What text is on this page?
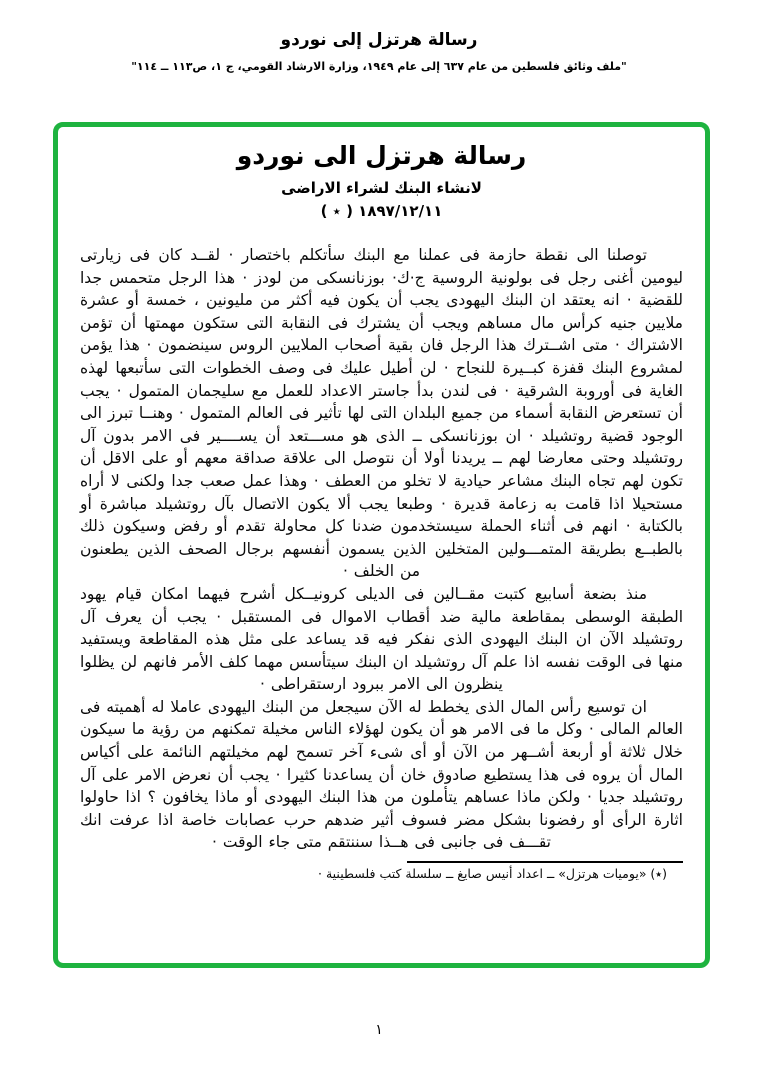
رسالة هرتزل إلى نوردو
"ملف وثائق فلسطين من عام ٦٣٧ إلى عام ١٩٤٩، وزارة الارشاد القومي، ج ١، ص١١٣ ــ ١١٤"
رسالة هرتزل الى نوردو
لانشاء البنك لشراء الاراضى
١٨٩٧/١٢/١١ ( ٭ )

توصلنا الى نقطة حازمة فى عملنا مع البنك سأتكلم باختصار · لقــد كان فى زيارتى ليومين أغنى رجل فى بولونية الروسية ج·ك· بوزنانسكى من لودز · هذا الرجل متحمس جدا للقضية · انه يعتقد ان البنك اليهودى يجب أن يكون فيه أكثر من مليونين ، خمسة أو عشرة ملايين جنيه كرأس مال مساهم ويجب أن يشترك فى النقابة التى ستكون مهمتها أن تؤمن الاشتراك · متى اشــترك هذا الرجل فان بقية أصحاب الملايين الروس سينضمون · هذا يؤمن لمشروع البنك قفزة كبــيرة للنجاح · لن أطيل عليك فى وصف الخطوات التى سأتبعها لهذه الغاية فى أوروبة الشرقية · فى لندن بدأ جاستر الاعداد للعمل مع سليجمان المتمول · يجب أن تستعرض النقابة أسماء من جميع البلدان التى لها تأثير فى العالم المتمول · وهنــا تبرز الى الوجود قضية روتشيلد · ان بوزنانسكى ــ الذى هو مســـتعد أن يســــير فى الامر بدون آل روتشيلد وحتى معارضا لهم ــ يريدنا أولا أن نتوصل الى علاقة صداقة معهم أو على الاقل أن تكون لهم تجاه البنك مشاعر حيادية لا تخلو من العطف · وهذا عمل صعب جدا ولكنى لا أراه مستحيلا اذا قامت به زعامة قديرة · وطبعا يجب ألا يكون الاتصال بآل روتشيلد مباشرة أو بالكتابة · انهم فى أثناء الحملة سيستخدمون ضدنا كل محاولة تقدم أو رفض وسيكون ذلك بالطبــع بطريقة المتمـــولين المتخلين الذين يسمون أنفسهم برجال الصحف الذين يطعنون من الخلف ·

منذ بضعة أسابيع كتبت مقــالين فى الديلى كرونيــكل أشرح فيهما امكان قيام يهود الطبقة الوسطى بمقاطعة مالية ضد أقطاب الاموال فى المستقبل · يجب أن يعرف آل روتشيلد الآن ان البنك اليهودى الذى نفكر فيه قد يساعد على مثل هذه المقاطعة ويستفيد منها فى الوقت نفسه اذا علم آل روتشيلد ان البنك سيتأسس مهما كلف الأمر فانهم لن يظلوا ينظرون الى الامر ببرود ارستقراطى ·

ان توسيع رأس المال الذى يخطط له الآن سيجعل من البنك اليهودى عاملا له أهميته فى العالم المالى · وكل ما فى الامر هو أن يكون لهؤلاء الناس مخيلة تمكنهم من رؤية ما سيكون خلال ثلاثة أو أربعة أشــهر من الآن أو أى شىء آخر تسمح لهم مخيلتهم النائمة على أكياس المال أن يروه فى هذا يستطيع صادوق خان أن يساعدنا كثيرا · يجب أن نعرض الامر على آل روتشيلد جديا · ولكن ماذا عساهم يتأملون من هذا البنك اليهودى أو ماذا يخافون ؟ اذا حاولوا اثارة الرأى أو رفضونا بشكل مضر فسوف أثير ضدهم حرب عصابات خاصة اذا عرفت انك تقـــف فى جانبى فى هــذا سننتقم متى جاء الوقت ·

(٭) «يوميات هرتزل» ــ اعداد أنيس صايغ ــ سلسلة كتب فلسطينية ·
١
